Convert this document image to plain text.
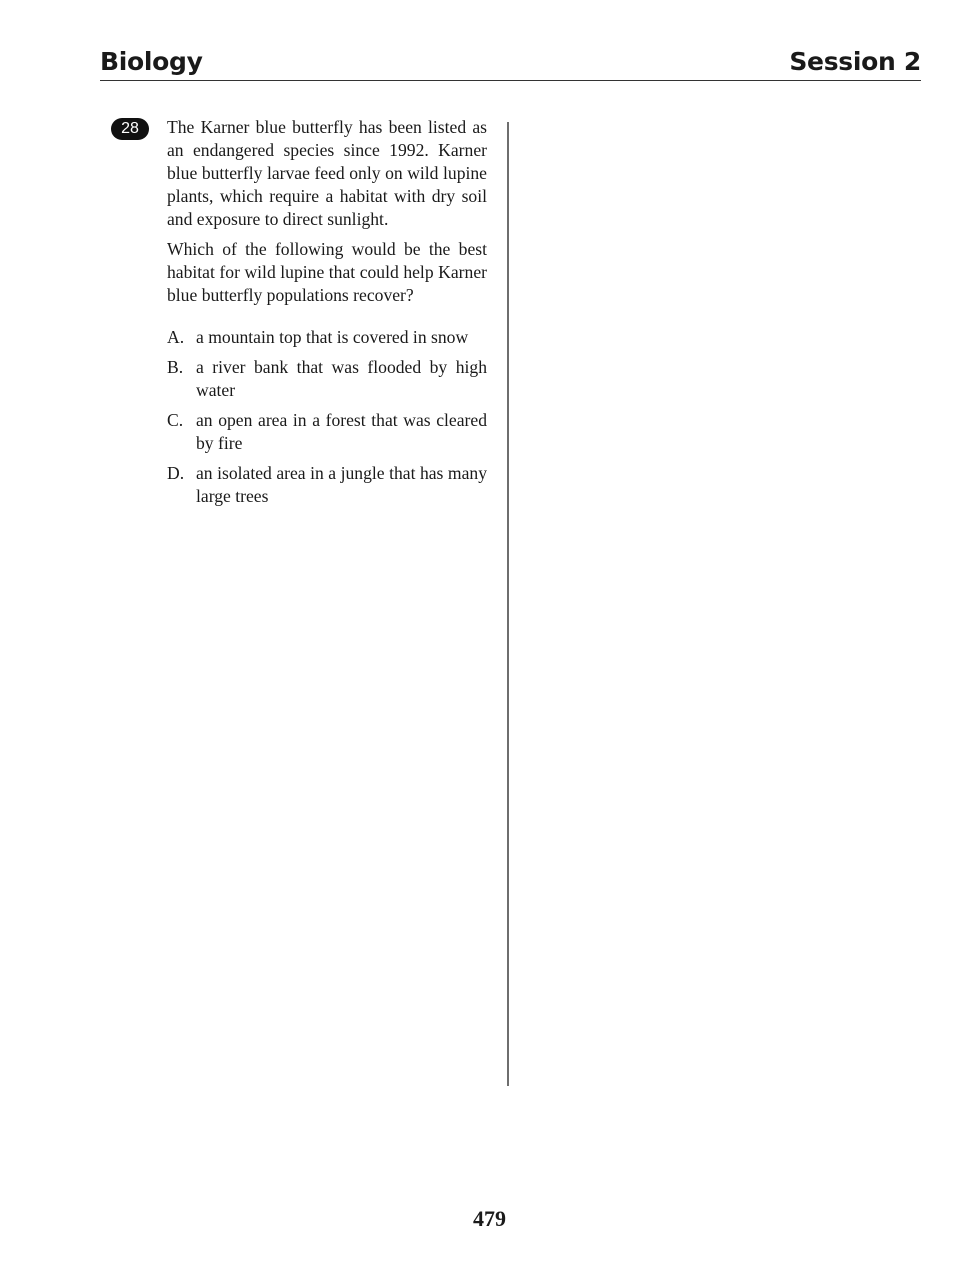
Biology	Session 2
28	The Karner blue butterfly has been listed as an endangered species since 1992. Karner blue butterfly larvae feed only on wild lupine plants, which require a habitat with dry soil and exposure to direct sunlight.

Which of the following would be the best habitat for wild lupine that could help Karner blue butterfly populations recover?

A. a mountain top that is covered in snow
B. a river bank that was flooded by high water
C. an open area in a forest that was cleared by fire
D. an isolated area in a jungle that has many large trees
479
